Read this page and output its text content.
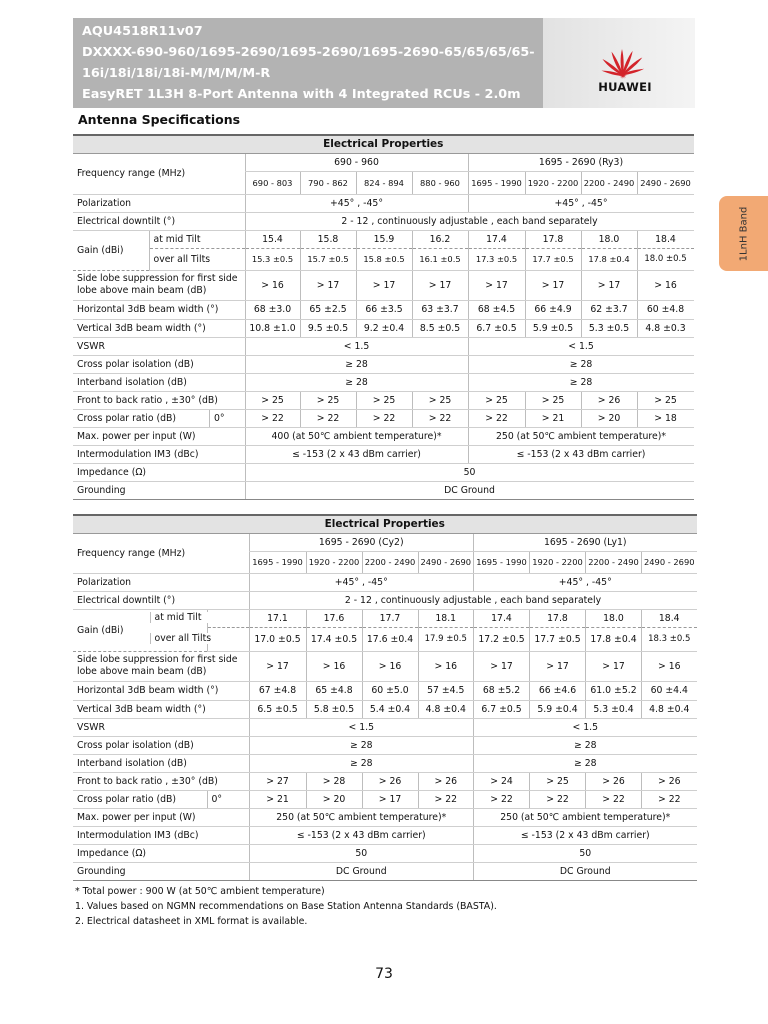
AQU4518R11v07
DXXXX-690-960/1695-2690/1695-2690/1695-2690-65/65/65/65-
16i/18i/18i/18i-M/M/M/M-R
EasyRET 1L3H 8-Port Antenna with 4 Integrated RCUs - 2.0m	HUAWEI
Antenna Specifications
1LnH Band
Electrical Properties									
Frequency range (MHz)		690 - 960				1695 - 2690 (Ry3)			
		690 - 803	790 - 862	824 - 894	880 - 960	1695 - 1990	1920 - 2200	2200 - 2490	2490 - 2690
Polarization		+45° , -45°				+45° , -45°			
Electrical downtilt (°)		2 - 12 , continuously adjustable , each band separately							
Gain (dBi)	at mid Tilt	15.4	15.8	15.9	16.2	17.4	17.8	18.0	18.4
	over all Tilts	15.3 ±0.5	15.7 ±0.5	15.8 ±0.5	16.1 ±0.5	17.3 ±0.5	17.7 ±0.5	17.8 ±0.4	18.0 ±0.5
Side lobe suppression for first side lobe above main beam (dB)		> 16	> 17	> 17	> 17	> 17	> 17	> 17	> 16
Horizontal 3dB beam width (°)		68 ±3.0	65 ±2.5	66 ±3.5	63 ±3.7	68 ±4.5	66 ±4.9	62 ±3.7	60 ±4.8
Vertical 3dB beam width (°)		10.8 ±1.0	9.5 ±0.5	9.2 ±0.4	8.5 ±0.5	6.7 ±0.5	5.9 ±0.5	5.3 ±0.5	4.8 ±0.3
VSWR		< 1.5				< 1.5			
Cross polar isolation (dB)		≥ 28				≥ 28			
Interband isolation (dB)		≥ 28				≥ 28			
Front to back ratio , ±30° (dB)		> 25	> 25	> 25	> 25	> 25	> 25	> 26	> 25
Cross polar ratio (dB) 0°		> 22	> 22	> 22	> 22	> 22	> 21	> 20	> 18
Max. power per input (W)		400 (at 50℃ ambient temperature)*				250 (at 50℃ ambient temperature)*			
Intermodulation IM3 (dBc)		≤ -153 (2 x 43 dBm carrier)				≤ -153 (2 x 43 dBm carrier)			
Impedance (Ω)		50							
Grounding		DC Ground							
Electrical Properties									
Frequency range (MHz)		1695 - 2690 (Cy2)				1695 - 2690 (Ly1)			
		1695 - 1990	1920 - 2200	2200 - 2490	2490 - 2690	1695 - 1990	1920 - 2200	2200 - 2490	2490 - 2690
Polarization		+45° , -45°				+45° , -45°			
Electrical downtilt (°)		2 - 12 , continuously adjustable , each band separately							
Gain (dBi)	at mid Tilt	17.1	17.6	17.7	18.1	17.4	17.8	18.0	18.4

	over all Tilts	17.0 ±0.5	17.4 ±0.5	17.6 ±0.4	17.9 ±0.5	17.2 ±0.5	17.7 ±0.5	17.8 ±0.4	18.3 ±0.5
Side lobe suppression for first side lobe above main beam (dB)		> 17	> 16	> 16	> 16	> 17	> 17	> 17	> 16
Horizontal 3dB beam width (°)		67 ±4.8	65 ±4.8	60 ±5.0	57 ±4.5	68 ±5.2	66 ±4.6	61.0 ±5.2	60 ±4.4
Vertical 3dB beam width (°)		6.5 ±0.5	5.8 ±0.5	5.4 ±0.4	4.8 ±0.4	6.7 ±0.5	5.9 ±0.4	5.3 ±0.4	4.8 ±0.4
VSWR		< 1.5				< 1.5			
Cross polar isolation (dB)		≥ 28				≥ 28			
Interband isolation (dB)		≥ 28				≥ 28			
Front to back ratio , ±30° (dB)		> 27	> 28	> 26	> 26	> 24	> 25	> 26	> 26
Cross polar ratio (dB)	0°	> 21	> 20	> 17	> 22	> 22	> 22	> 22	> 22
Max. power per input (W)		250 (at 50℃ ambient temperature)*				250 (at 50℃ ambient temperature)*			
Intermodulation IM3 (dBc)		≤ -153 (2 x 43 dBm carrier)				≤ -153 (2 x 43 dBm carrier)			
Impedance (Ω)		50				50			
Grounding		DC Ground				DC Ground			
* Total power : 900 W (at 50℃ ambient temperature)
1. Values based on NGMN recommendations on Base Station Antenna Standards (BASTA).
2. Electrical datasheet in XML format is available.
73
